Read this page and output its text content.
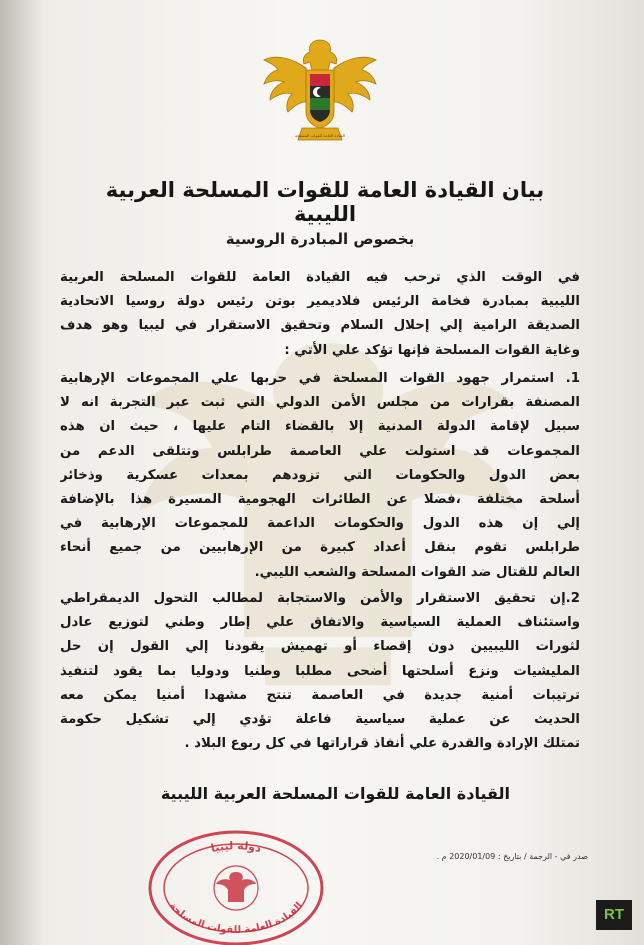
القيادة العامة للقوات المسلحة
بيان القيادة العامة للقوات المسلحة العربية الليبية
بخصوص المبادرة الروسية
في الوقت الذي ترحب فيه القيادة العامة للقوات المسلحة العربية
الليبية بمبادرة فخامة الرئيس فلاديمير بوتن رئيس دولة روسيا الاتحادية
الصديقة الرامية إلي إحلال السلام وتحقيق الاستقرار في ليبيا وهو هدف
وغاية القوات المسلحة فإنها تؤكد علي الأتي :
1. استمرار جهود القوات المسلحة في حربها علي المجموعات الإرهابية
المصنفة بقرارات من مجلس الأمن الدولي التي ثبت عبر التجربة انه لا
سبيل لإقامة الدولة المدنية إلا بالقضاء التام عليها ، حيث ان هذه
المجموعات قد استولت علي العاصمة طرابلس وتتلقى الدعم من
بعض الدول والحكومات التي تزودهم بمعدات عسكرية وذخائر
أسلحة مختلفة ،فضلا عن الطائرات الهجومية المسيرة هذا بالإضافة
إلي إن هذه الدول والحكومات الداعمة للمجموعات الإرهابية في
طرابلس تقوم بنقل أعداد كبيرة من الإرهابيين من جميع أنحاء
العالم للقتال ضد القوات المسلحة والشعب الليبي.
2.إن تحقيق الاستقرار والأمن والاستجابة لمطالب التحول الديمقراطي
واستئناف العملية السياسية والاتفاق علي إطار وطني لتوزيع عادل
لثورات الليبيين دون إقصاء أو تهميش يقودنا إلي القول إن حل
المليشيات ونزع أسلحتها أضحى مطلبا وطنيا ودوليا بما يقود لتنفيذ
ترتيبات أمنية جديدة في العاصمة تنتج مشهدا أمنيا يمكن معه
الحديث عن عملية سياسية فاعلة تؤدي إلي تشكيل حكومة
تمتلك الإرادة والقدرة علي أنفاذ قراراتها في كل ربوع البلاد .
القيادة العامة للقوات المسلحة العربية الليبية
صدر في - الرجمة / بتاريخ : 2020/01/09 م .
دولة ليبيا
القيادة العامة للقوات المسلحة
RT
